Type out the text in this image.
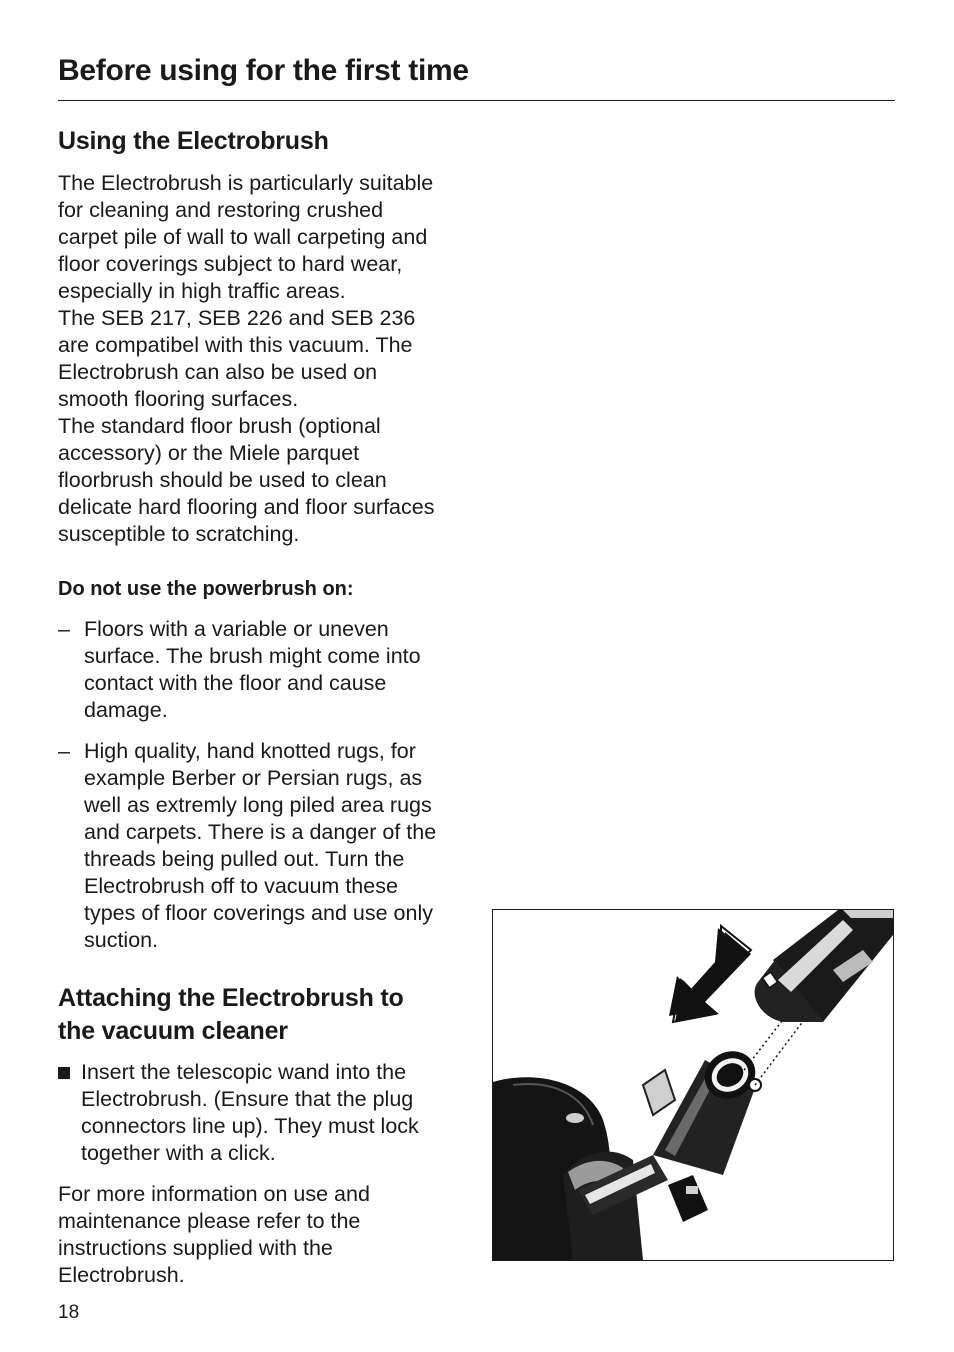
Before using for the first time
Using the Electrobrush
The Electrobrush is particularly suitable
for cleaning and restoring crushed
carpet pile of wall to wall carpeting and
floor coverings subject to hard wear,
especially in high traffic areas.
The SEB 217, SEB 226 and SEB 236
are compatibel with this vacuum. The
Electrobrush can also be used on
smooth flooring surfaces.
The standard floor brush (optional
accessory) or the Miele parquet
floorbrush should be used to clean
delicate hard flooring and floor surfaces
susceptible to scratching.
Do not use the powerbrush on:
– Floors with a variable or uneven
surface. The brush might come into
contact with the floor and cause
damage.
– High quality, hand knotted rugs, for
example Berber or Persian rugs, as
well as extremly long piled area rugs
and carpets. There is a danger of the
threads being pulled out. Turn the
Electrobrush off to vacuum these
types of floor coverings and use only
suction.
Attaching the Electrobrush to
the vacuum cleaner
Insert the telescopic wand into the
Electrobrush. (Ensure that the plug
connectors line up). They must lock
together with a click.
For more information on use and
maintenance please refer to the
instructions supplied with the
Electrobrush.
18
